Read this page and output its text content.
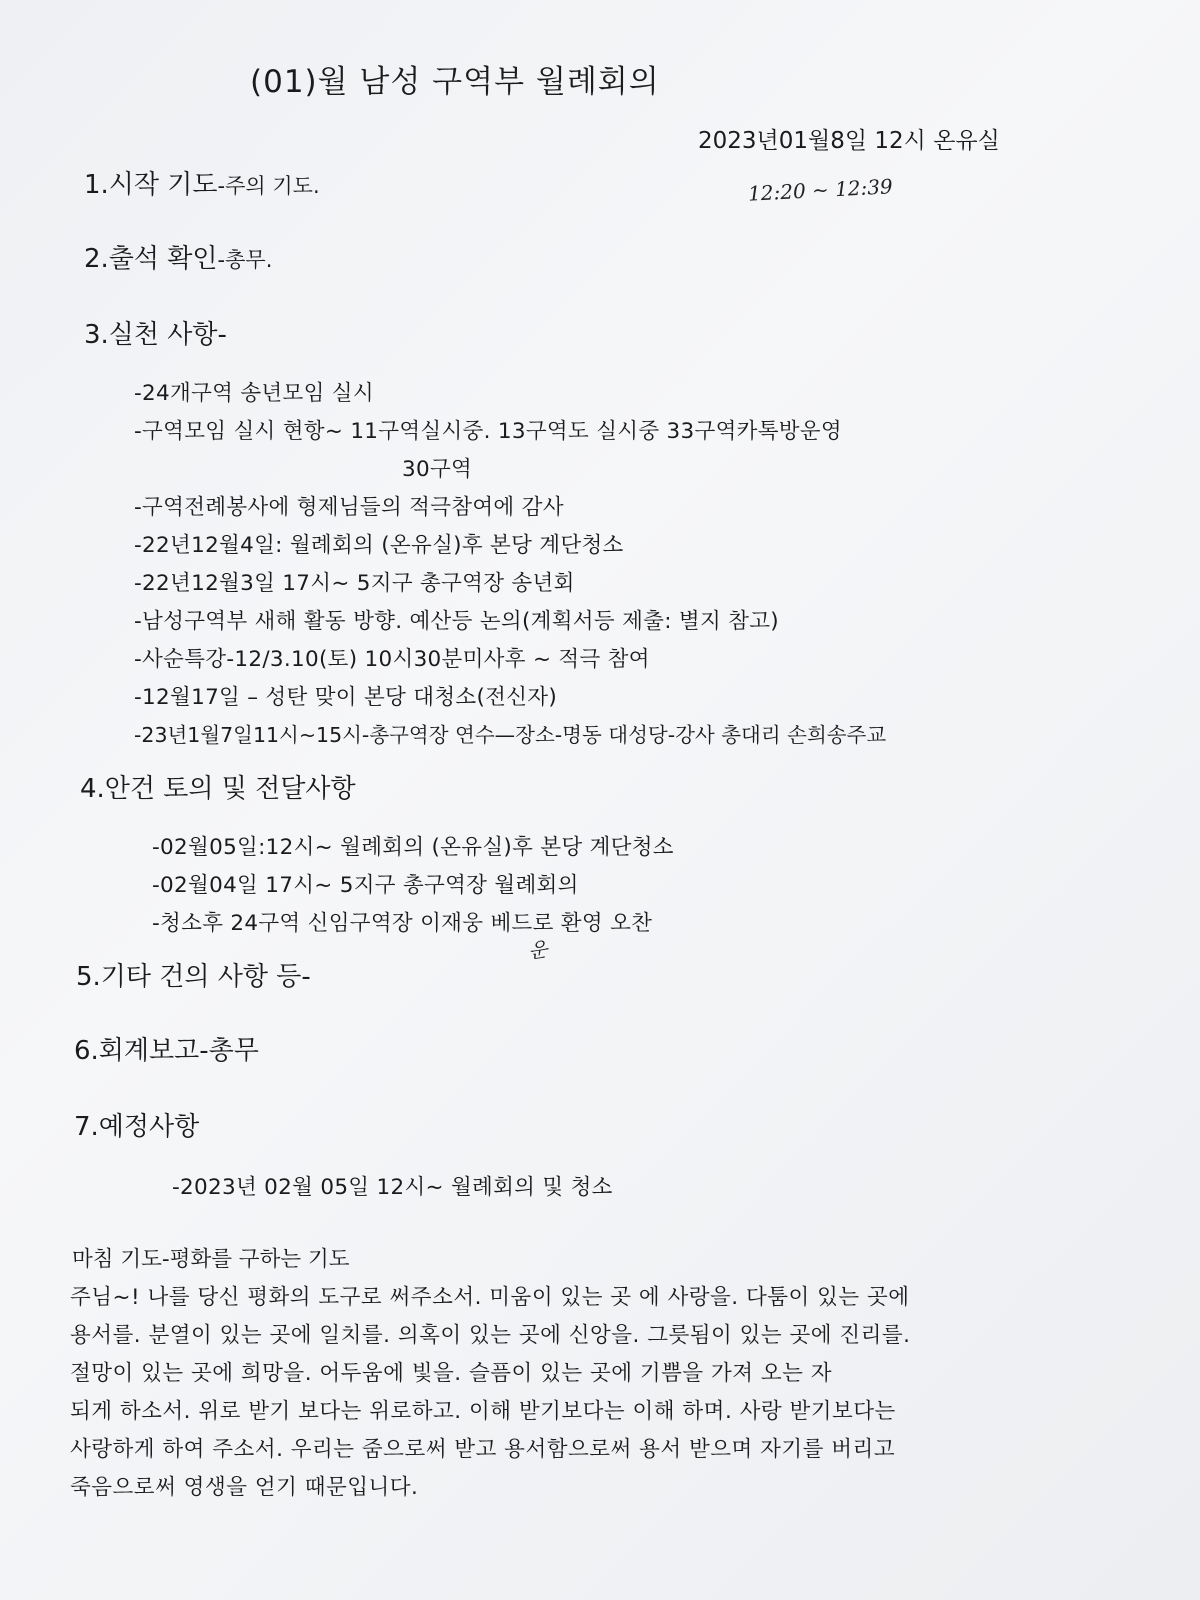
(01)월 남성 구역부 월례회의
2023년01월8일 12시 온유실
12:20 ~ 12:39
1.시작 기도-주의 기도.
2.출석 확인-총무.
3.실천 사항-
-24개구역 송년모임 실시
-구역모임 실시 현항~ 11구역실시중. 13구역도 실시중 33구역카톡방운영
30구역
-구역전례봉사에 형제님들의 적극참여에 감사
-22년12월4일: 월례회의 (온유실)후 본당 계단청소
-22년12월3일 17시~ 5지구 총구역장 송년회
-남성구역부 새해 활동 방향. 예산등 논의(계획서등 제출: 별지 참고)
-사순특강-12/3.10(토) 10시30분미사후 ~ 적극 참여
-12월17일 – 성탄 맞이 본당 대청소(전신자)
-23년1월7일11시~15시-총구역장 연수—장소-명동 대성당-강사 총대리 손희송주교
4.안건 토의 및 전달사항
-02월05일:12시~ 월례회의 (온유실)후 본당 계단청소
-02월04일 17시~ 5지구 총구역장 월례회의
-청소후 24구역 신임구역장 이재웅 베드로 환영 오찬
운
5.기타 건의 사항 등-
6.회계보고-총무
7.예정사항
-2023년 02월 05일 12시~ 월례회의 및 청소
마침 기도-평화를 구하는 기도
주님~! 나를 당신 평화의 도구로 써주소서. 미움이 있는 곳 에 사랑을. 다툼이 있는 곳에
용서를. 분열이 있는 곳에 일치를. 의혹이 있는 곳에 신앙을. 그릇됨이 있는 곳에 진리를.
절망이 있는 곳에 희망을. 어두움에 빛을. 슬픔이 있는 곳에 기쁨을 가져 오는 자
되게 하소서. 위로 받기 보다는 위로하고. 이해 받기보다는 이해 하며. 사랑 받기보다는
사랑하게 하여 주소서. 우리는 줌으로써 받고 용서함으로써 용서 받으며 자기를 버리고
죽음으로써 영생을 얻기 때문입니다.
